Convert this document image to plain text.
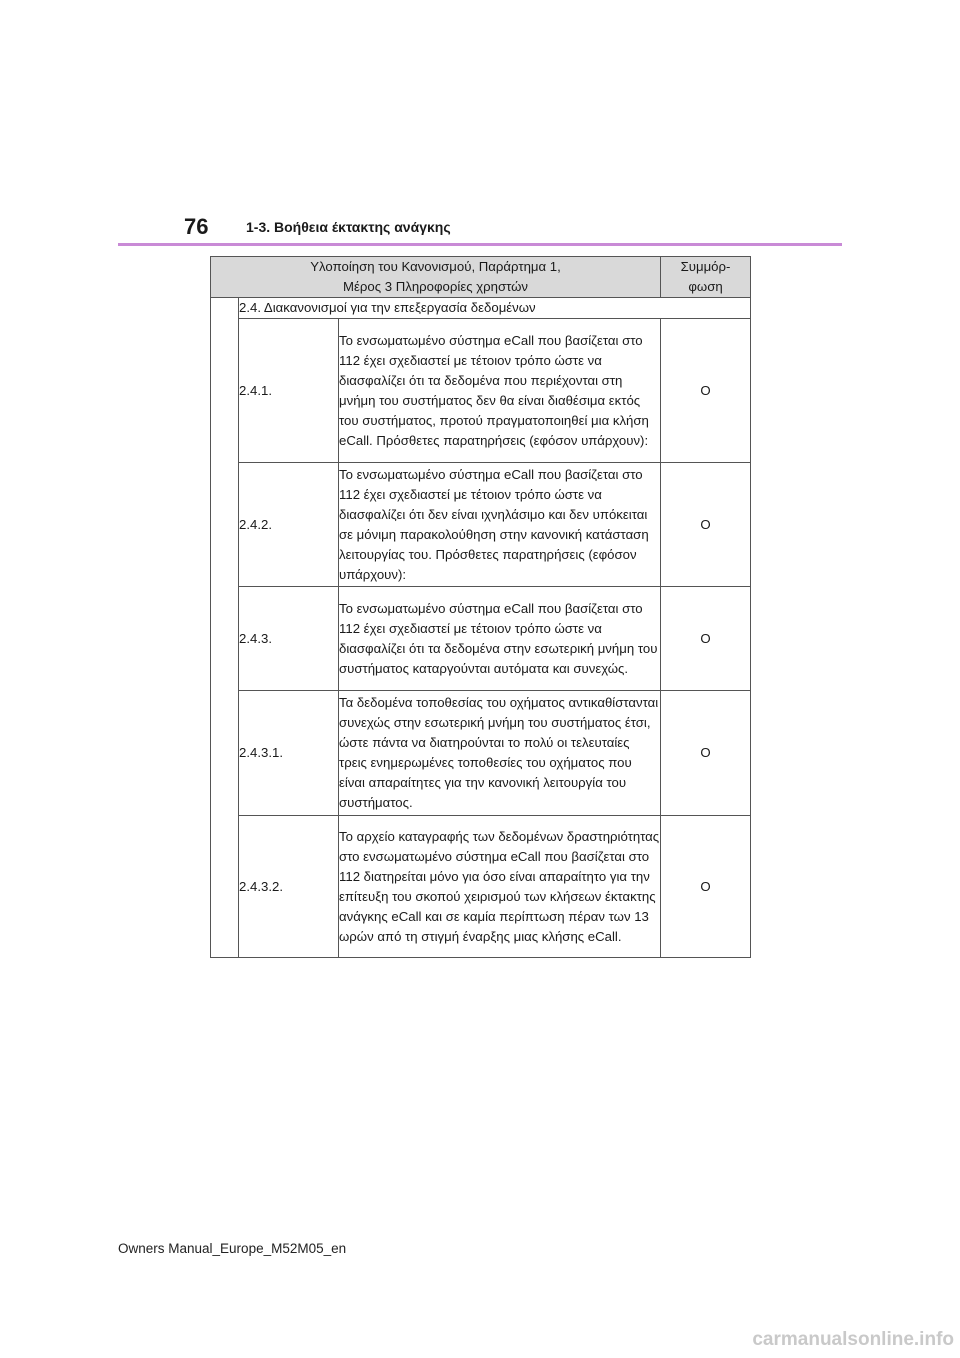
76	1-3. Βοήθεια έκτακτης ανάγκης
Υλοποίηση του Κανονισμού, Παράρτημα 1,
Μέρος 3 Πληροφορίες χρηστών			Συμμόρ-
φωση
	2.4. Διακανονισμοί για την επεξεργασία δεδομένων		
	2.4.1.	Το ενσωματωμένο σύστημα eCall που βασίζεται στο 112 έχει σχεδιαστεί με τέτοιον τρόπο ώστε να διασφαλίζει ότι τα δεδομένα που περιέχονται στη μνήμη του συστήματος δεν θα είναι διαθέσιμα εκτός του συστήματος, προτού πραγματοποιηθεί μια κλήση eCall. Πρόσθετες παρατηρήσεις (εφόσον υπάρχουν):	O
	2.4.2.	Το ενσωματωμένο σύστημα eCall που βασίζεται στο 112 έχει σχεδιαστεί με τέτοιον τρόπο ώστε να διασφαλίζει ότι δεν είναι ιχνηλάσιμο και δεν υπόκειται σε μόνιμη παρακολούθηση στην κανονική κατάσταση λειτουργίας του. Πρόσθετες παρατηρήσεις (εφόσον υπάρχουν):	O
	2.4.3.	Το ενσωματωμένο σύστημα eCall που βασίζεται στο 112 έχει σχεδιαστεί με τέτοιον τρόπο ώστε να διασφαλίζει ότι τα δεδομένα στην εσωτερική μνήμη του συστήματος καταργούνται αυτόματα και συνεχώς.	O
	2.4.3.1.	Τα δεδομένα τοποθεσίας του οχήματος αντικαθίστανται συνεχώς στην εσωτερική μνήμη του συστήματος έτσι, ώστε πάντα να διατηρούνται το πολύ οι τελευταίες τρεις ενημερωμένες τοποθεσίες του οχήματος που είναι απαραίτητες για την κανονική λειτουργία του συστήματος.	O
	2.4.3.2.	Το αρχείο καταγραφής των δεδομένων δραστηριότητας στο ενσωματωμένο σύστημα eCall που βασίζεται στο 112 διατηρείται μόνο για όσο είναι απαραίτητο για την επίτευξη του σκοπού χειρισμού των κλήσεων έκτακτης ανάγκης eCall και σε καμία περίπτωση πέραν των 13 ωρών από τη στιγμή έναρξης μιας κλήσης eCall.	O
Owners Manual_Europe_M52M05_en
carmanualsonline.info
